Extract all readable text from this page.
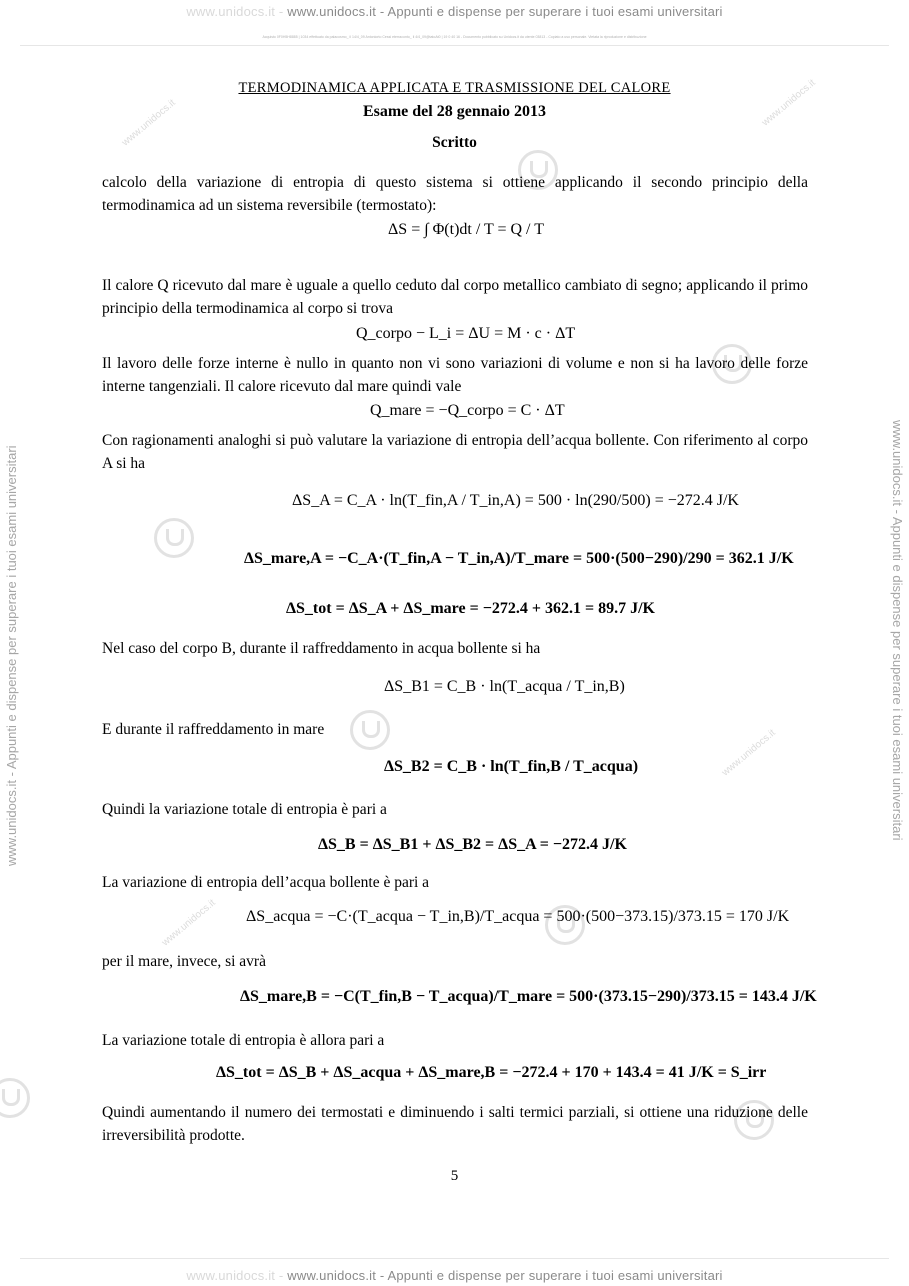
www.unidocs.it - www.unidocs.it - Appunti e dispense per superare i tuoi esami universitari
Acquisto 0F0H5H8885 | 1034 effettuato da palacosmo_ il 14/4_09 Antoniorto Cessi eterraconto_ il 4/4_09@tatoAt0 | 19 0 40 16 - Documento pubblicato su Unidocs.it da utente 03813 - Copiato a uso personale. Vietata la riproduzione e distribuzione
www.unidocs.it - www.unidocs.it - Appunti e dispense per superare i tuoi esami universitari
www.unidocs.it - Appunti e dispense per superare i tuoi esami universitari	www.unidocs.it - Appunti e dispense per superare i tuoi esami universitari
www.unidocs.it	www.unidocs.it
www.unidocs.it
www.unidocs.it
TERMODINAMICA APPLICATA E TRASMISSIONE DEL CALORE
Esame del 28 gennaio 2013
Scritto
calcolo della variazione di entropia di questo sistema si ottiene applicando il secondo principio della termodinamica ad un sistema reversibile (termostato):
Il calore Q ricevuto dal mare è uguale a quello ceduto dal corpo metallico cambiato di segno; applicando il primo principio della termodinamica al corpo si trova
Il lavoro delle forze interne è nullo in quanto non vi sono variazioni di volume e non si ha lavoro delle forze interne tangenziali. Il calore ricevuto dal mare quindi vale
Con ragionamenti analoghi si può valutare la variazione di entropia dell’acqua bollente. Con riferimento al corpo A si ha
Nel caso del corpo B, durante il raffreddamento in acqua bollente si ha
E durante il raffreddamento in mare
Quindi la variazione totale di entropia è pari a
La variazione di entropia dell’acqua bollente è pari a
per il mare, invece, si avrà
La variazione totale di entropia è allora pari a
Quindi aumentando il numero dei termostati e diminuendo i salti termici parziali, si ottiene una riduzione delle irreversibilità prodotte.
ΔS = ∫ Φ(t)dt / T = Q / T
Q_corpo − L_i = ΔU = M · c · ΔT
Q_mare = −Q_corpo = C · ΔT
ΔS_A = C_A · ln(T_fin,A / T_in,A) = 500 · ln(290/500) = −272.4 J/K
ΔS_mare,A = −C_A·(T_fin,A − T_in,A)/T_mare = 500·(500−290)/290 = 362.1 J/K
ΔS_tot = ΔS_A + ΔS_mare = −272.4 + 362.1 = 89.7 J/K
ΔS_B1 = C_B · ln(T_acqua / T_in,B)
ΔS_B2 = C_B · ln(T_fin,B / T_acqua)
ΔS_B = ΔS_B1 + ΔS_B2 = ΔS_A = −272.4 J/K
ΔS_acqua = −C·(T_acqua − T_in,B)/T_acqua = 500·(500−373.15)/373.15 = 170 J/K
ΔS_mare,B = −C(T_fin,B − T_acqua)/T_mare = 500·(373.15−290)/373.15 = 143.4 J/K
ΔS_tot = ΔS_B + ΔS_acqua + ΔS_mare,B = −272.4 + 170 + 143.4 = 41 J/K = S_irr
5
